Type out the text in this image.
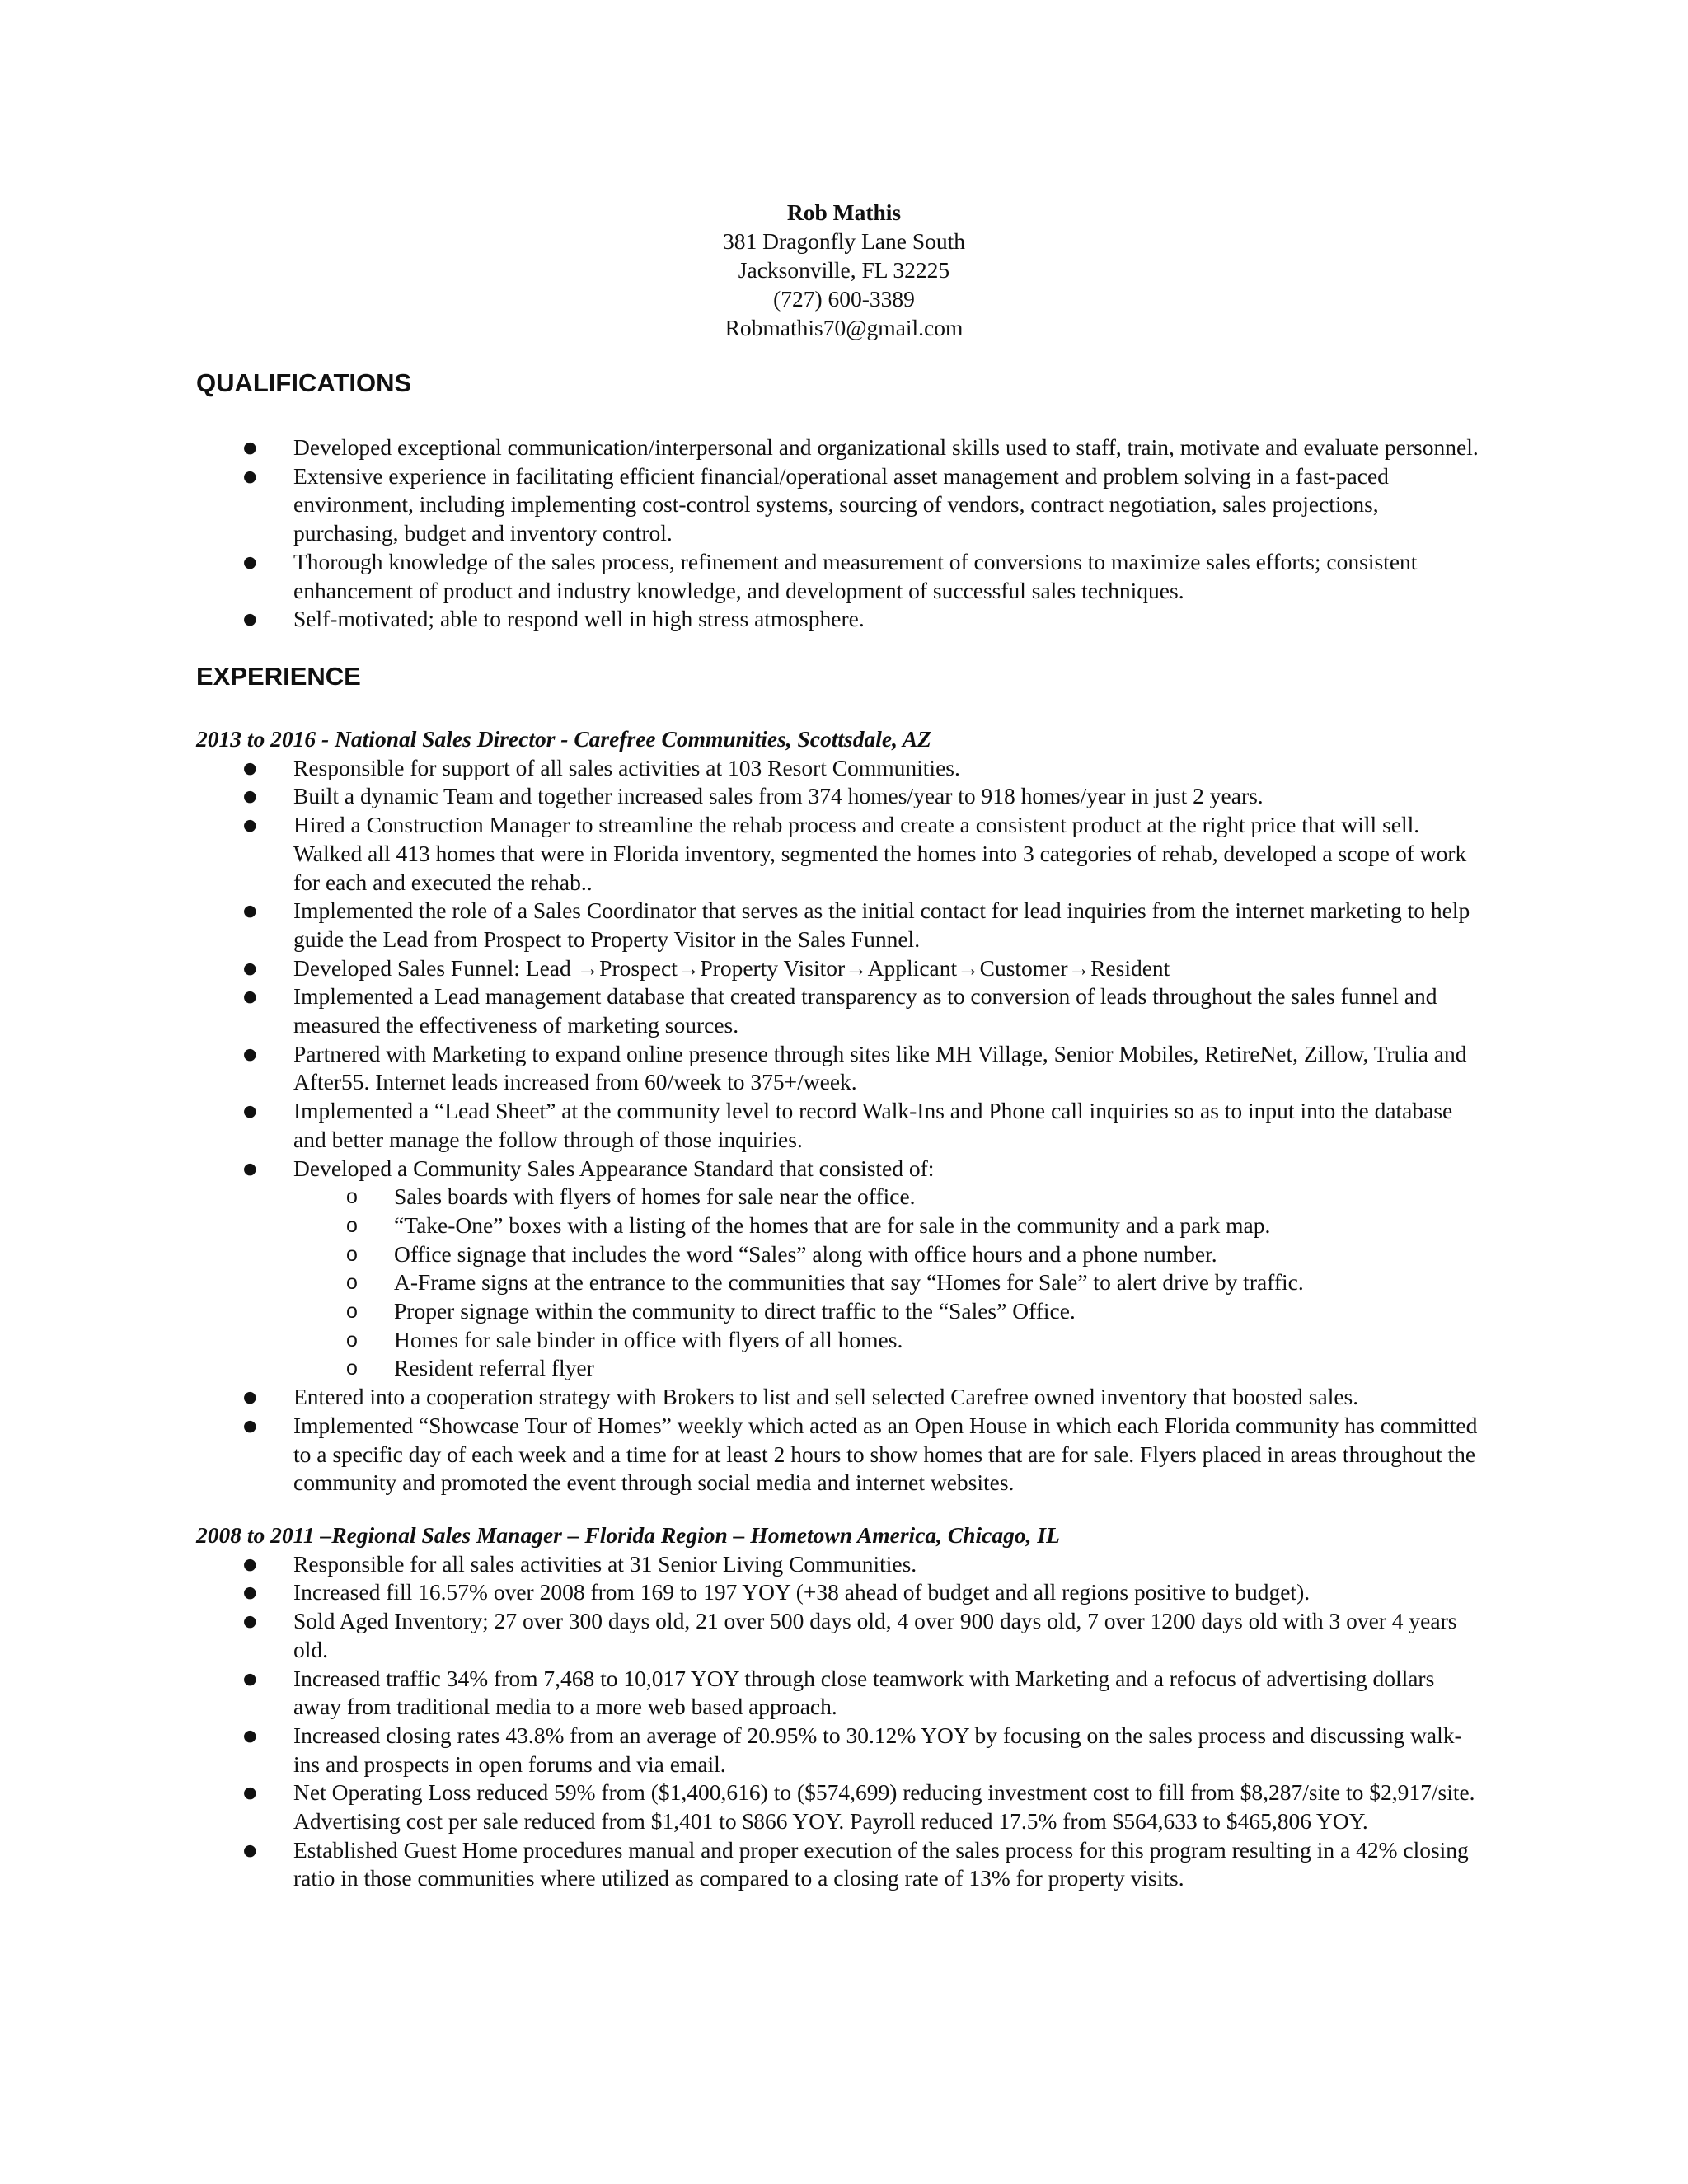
Rob Mathis
381 Dragonfly Lane South
Jacksonville, FL 32225
(727) 600-3389
Robmathis70@gmail.com
QUALIFICATIONS
● Developed exceptional communication/interpersonal and organizational skills used to staff, train, motivate and evaluate personnel.
● Extensive experience in facilitating efficient financial/operational asset management and problem solving in a fast-paced environment, including implementing cost-control systems, sourcing of vendors, contract negotiation, sales projections, purchasing, budget and inventory control.
● Thorough knowledge of the sales process, refinement and measurement of conversions to maximize sales efforts; consistent enhancement of product and industry knowledge, and development of successful sales techniques.
● Self-motivated; able to respond well in high stress atmosphere.
EXPERIENCE
2013 to 2016 - National Sales Director - Carefree Communities, Scottsdale, AZ
● Responsible for support of all sales activities at 103 Resort Communities.
● Built a dynamic Team and together increased sales from 374 homes/year to 918 homes/year in just 2 years.
● Hired a Construction Manager to streamline the rehab process and create a consistent product at the right price that will sell. Walked all 413 homes that were in Florida inventory, segmented the homes into 3 categories of rehab, developed a scope of work for each and executed the rehab..
● Implemented the role of a Sales Coordinator that serves as the initial contact for lead inquiries from the internet marketing to help guide the Lead from Prospect to Property Visitor in the Sales Funnel.
● Developed Sales Funnel: Lead →Prospect→Property Visitor→Applicant→Customer→Resident
● Implemented a Lead management database that created transparency as to conversion of leads throughout the sales funnel and measured the effectiveness of marketing sources.
● Partnered with Marketing to expand online presence through sites like MH Village, Senior Mobiles, RetireNet, Zillow, Trulia and After55. Internet leads increased from 60/week to 375+/week.
● Implemented a “Lead Sheet” at the community level to record Walk-Ins and Phone call inquiries so as to input into the database and better manage the follow through of those inquiries.
● Developed a Community Sales Appearance Standard that consisted of:
o Sales boards with flyers of homes for sale near the office.
o “Take-One” boxes with a listing of the homes that are for sale in the community and a park map.
o Office signage that includes the word “Sales” along with office hours and a phone number.
o A-Frame signs at the entrance to the communities that say “Homes for Sale” to alert drive by traffic.
o Proper signage within the community to direct traffic to the “Sales” Office.
o Homes for sale binder in office with flyers of all homes.
o Resident referral flyer
● Entered into a cooperation strategy with Brokers to list and sell selected Carefree owned inventory that boosted sales.
● Implemented “Showcase Tour of Homes” weekly which acted as an Open House in which each Florida community has committed to a specific day of each week and a time for at least 2 hours to show homes that are for sale. Flyers placed in areas throughout the community and promoted the event through social media and internet websites.
2008 to 2011 –Regional Sales Manager – Florida Region – Hometown America, Chicago, IL
● Responsible for all sales activities at 31 Senior Living Communities.
● Increased fill 16.57% over 2008 from 169 to 197 YOY (+38 ahead of budget and all regions positive to budget).
● Sold Aged Inventory; 27 over 300 days old, 21 over 500 days old, 4 over 900 days old, 7 over 1200 days old with 3 over 4 years old.
● Increased traffic 34% from 7,468 to 10,017 YOY through close teamwork with Marketing and a refocus of advertising dollars away from traditional media to a more web based approach.
● Increased closing rates 43.8% from an average of 20.95% to 30.12% YOY by focusing on the sales process and discussing walk-ins and prospects in open forums and via email.
● Net Operating Loss reduced 59% from ($1,400,616) to ($574,699) reducing investment cost to fill from $8,287/site to $2,917/site. Advertising cost per sale reduced from $1,401 to $866 YOY. Payroll reduced 17.5% from $564,633 to $465,806 YOY.
● Established Guest Home procedures manual and proper execution of the sales process for this program resulting in a 42% closing ratio in those communities where utilized as compared to a closing rate of 13% for property visits.
